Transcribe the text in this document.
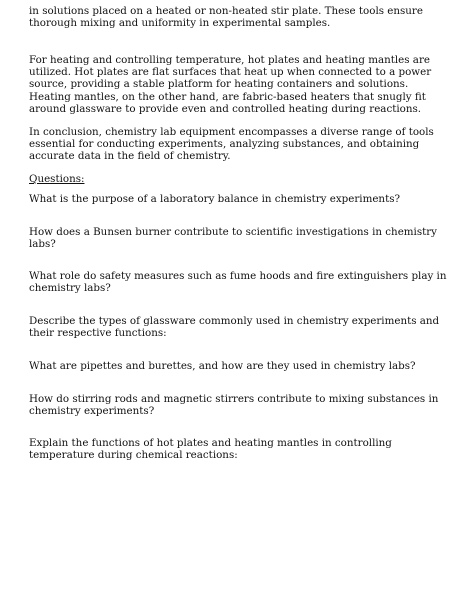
in solutions placed on a heated or non-heated stir plate. These tools ensure
thorough mixing and uniformity in experimental samples.

For heating and controlling temperature, hot plates and heating mantles are
utilized. Hot plates are flat surfaces that heat up when connected to a power
source, providing a stable platform for heating containers and solutions.
Heating mantles, on the other hand, are fabric-based heaters that snugly fit
around glassware to provide even and controlled heating during reactions.

In conclusion, chemistry lab equipment encompasses a diverse range of tools
essential for conducting experiments, analyzing substances, and obtaining
accurate data in the field of chemistry.

Questions:

What is the purpose of a laboratory balance in chemistry experiments?

How does a Bunsen burner contribute to scientific investigations in chemistry
labs?

What role do safety measures such as fume hoods and fire extinguishers play in
chemistry labs?

Describe the types of glassware commonly used in chemistry experiments and
their respective functions:

What are pipettes and burettes, and how are they used in chemistry labs?

How do stirring rods and magnetic stirrers contribute to mixing substances in
chemistry experiments?

Explain the functions of hot plates and heating mantles in controlling
temperature during chemical reactions:
